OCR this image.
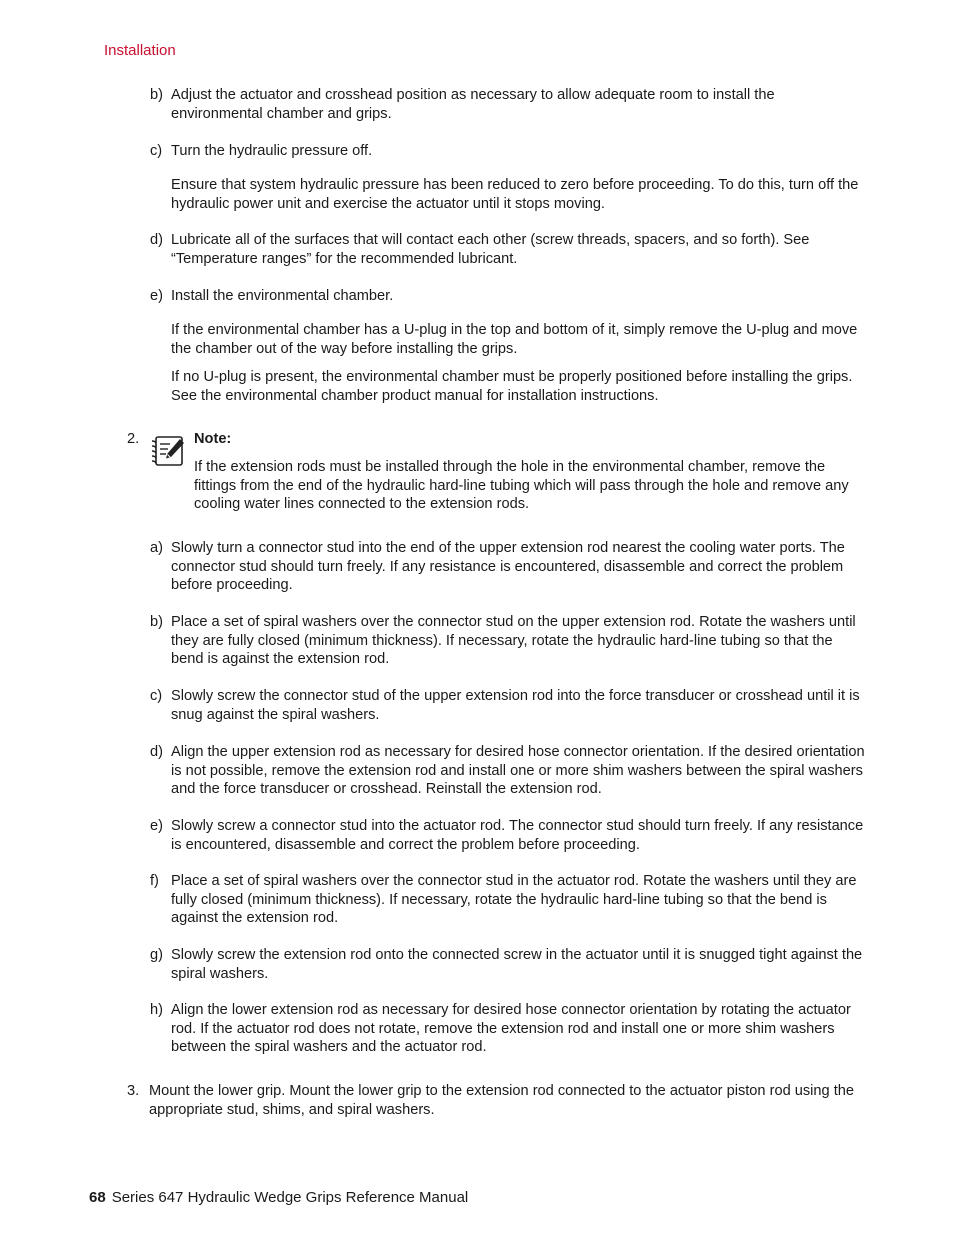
Installation
b) Adjust the actuator and crosshead position as necessary to allow adequate room to install the environmental chamber and grips.
c) Turn the hydraulic pressure off.
Ensure that system hydraulic pressure has been reduced to zero before proceeding. To do this, turn off the hydraulic power unit and exercise the actuator until it stops moving.
d) Lubricate all of the surfaces that will contact each other (screw threads, spacers, and so forth). See “Temperature ranges” for the recommended lubricant.
e) Install the environmental chamber.
If the environmental chamber has a U-plug in the top and bottom of it, simply remove the U-plug and move the chamber out of the way before installing the grips.
If no U-plug is present, the environmental chamber must be properly positioned before installing the grips. See the environmental chamber product manual for installation instructions.
2.	Note:
If the extension rods must be installed through the hole in the environmental chamber, remove the fittings from the end of the hydraulic hard-line tubing which will pass through the hole and remove any cooling water lines connected to the extension rods.
a) Slowly turn a connector stud into the end of the upper extension rod nearest the cooling water ports. The connector stud should turn freely. If any resistance is encountered, disassemble and correct the problem before proceeding.
b) Place a set of spiral washers over the connector stud on the upper extension rod. Rotate the washers until they are fully closed (minimum thickness). If necessary, rotate the hydraulic hard-line tubing so that the bend is against the extension rod.
c) Slowly screw the connector stud of the upper extension rod into the force transducer or crosshead until it is snug against the spiral washers.
d) Align the upper extension rod as necessary for desired hose connector orientation. If the desired orientation is not possible, remove the extension rod and install one or more shim washers between the spiral washers and the force transducer or crosshead. Reinstall the extension rod.
e) Slowly screw a connector stud into the actuator rod. The connector stud should turn freely. If any resistance is encountered, disassemble and correct the problem before proceeding.
f) Place a set of spiral washers over the connector stud in the actuator rod. Rotate the washers until they are fully closed (minimum thickness). If necessary, rotate the hydraulic hard-line tubing so that the bend is against the extension rod.
g) Slowly screw the extension rod onto the connected screw in the actuator until it is snugged tight against the spiral washers.
h) Align the lower extension rod as necessary for desired hose connector orientation by rotating the actuator rod. If the actuator rod does not rotate, remove the extension rod and install one or more shim washers between the spiral washers and the actuator rod.
3. Mount the lower grip. Mount the lower grip to the extension rod connected to the actuator piston rod using the appropriate stud, shims, and spiral washers.
68 Series 647 Hydraulic Wedge Grips Reference Manual
